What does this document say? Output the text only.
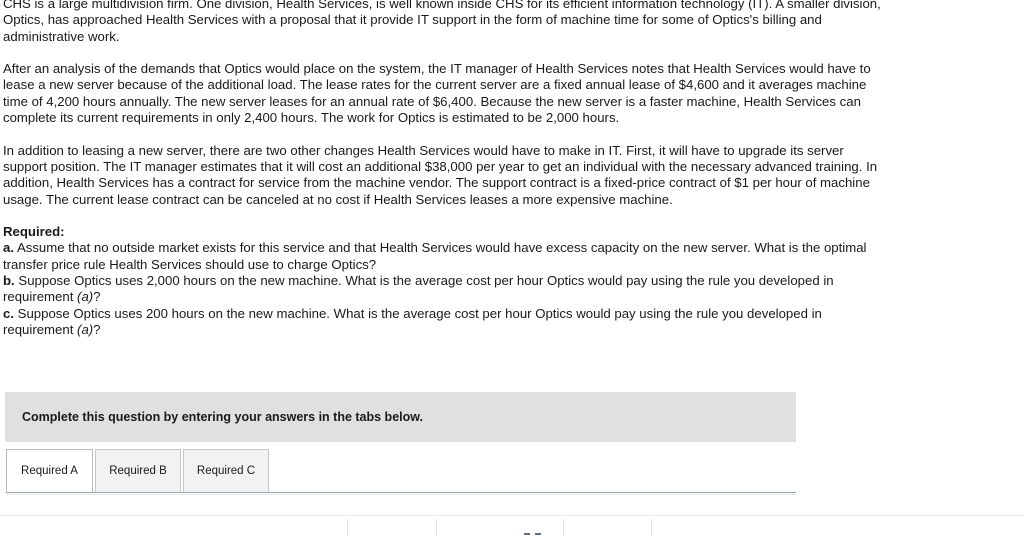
CHS is a large multidivision firm. One division, Health Services, is well known inside CHS for its efficient information technology (IT). A smaller division, Optics, has approached Health Services with a proposal that it provide IT support in the form of machine time for some of Optics's billing and administrative work.

After an analysis of the demands that Optics would place on the system, the IT manager of Health Services notes that Health Services would have to lease a new server because of the additional load. The lease rates for the current server are a fixed annual lease of $4,600 and it averages machine time of 4,200 hours annually. The new server leases for an annual rate of $6,400. Because the new server is a faster machine, Health Services can complete its current requirements in only 2,400 hours. The work for Optics is estimated to be 2,000 hours.

In addition to leasing a new server, there are two other changes Health Services would have to make in IT. First, it will have to upgrade its server support position. The IT manager estimates that it will cost an additional $38,000 per year to get an individual with the necessary advanced training. In addition, Health Services has a contract for service from the machine vendor. The support contract is a fixed-price contract of $1 per hour of machine usage. The current lease contract can be canceled at no cost if Health Services leases a more expensive machine.

Required:
a. Assume that no outside market exists for this service and that Health Services would have excess capacity on the new server. What is the optimal transfer price rule Health Services should use to charge Optics?
b. Suppose Optics uses 2,000 hours on the new machine. What is the average cost per hour Optics would pay using the rule you developed in requirement (a)?
c. Suppose Optics uses 200 hours on the new machine. What is the average cost per hour Optics would pay using the rule you developed in requirement (a)?
Complete this question by entering your answers in the tabs below.
Required A	Required B	Required C
